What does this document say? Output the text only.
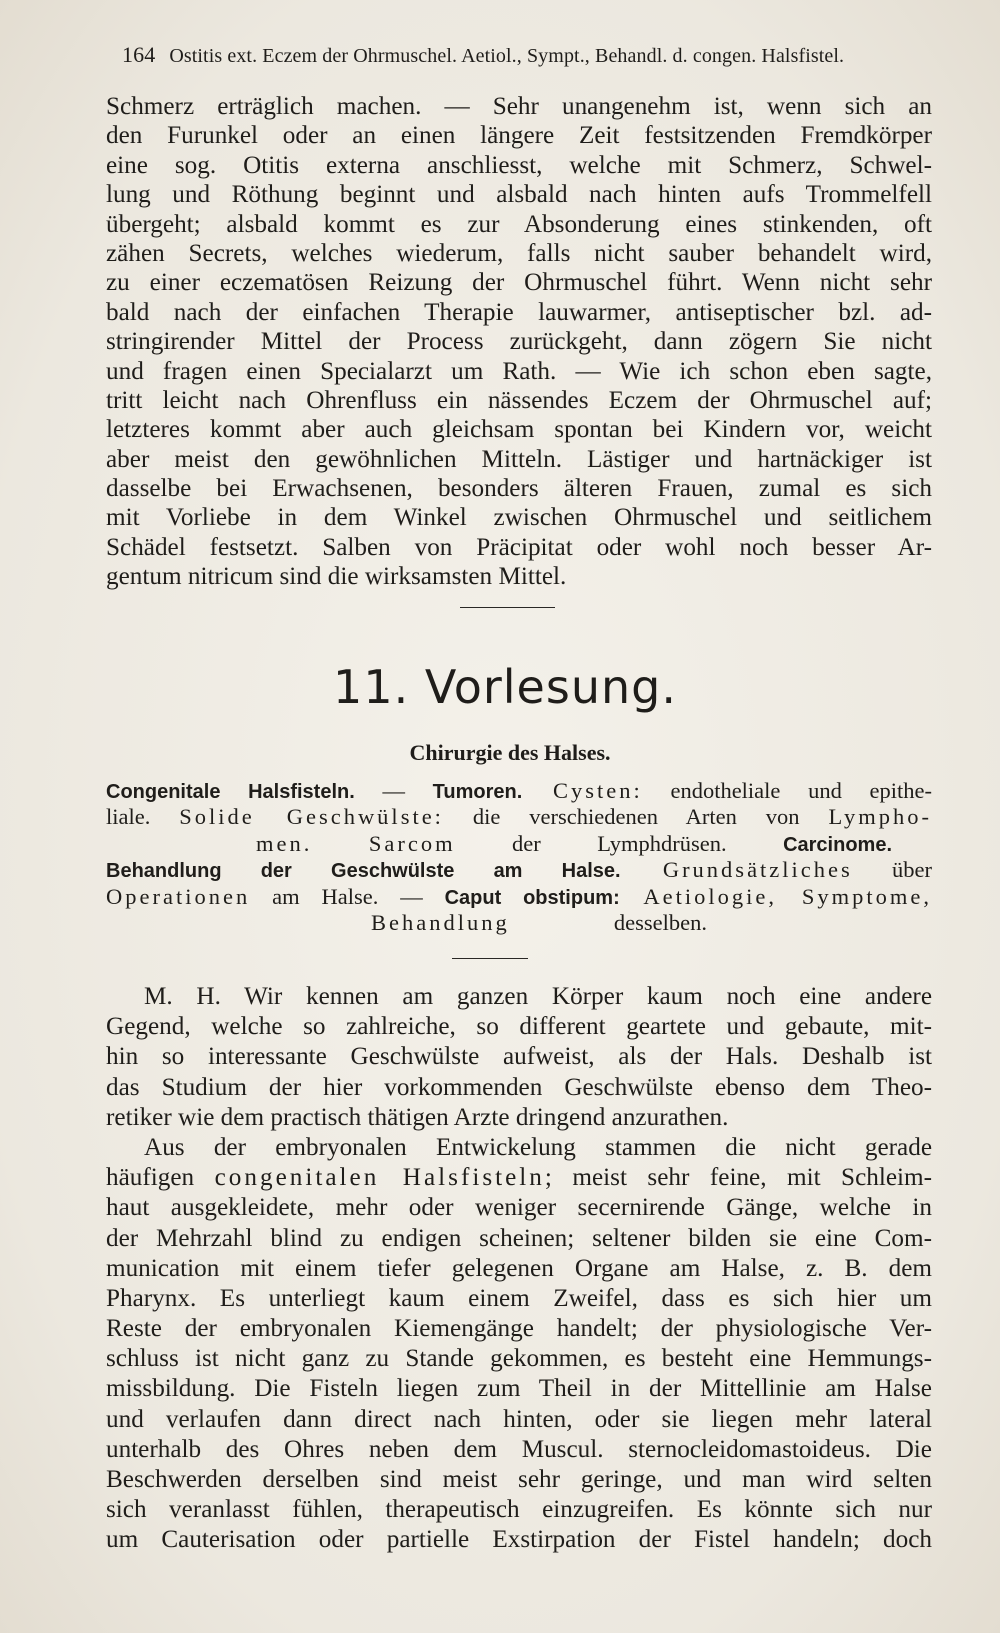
164 Ostitis ext. Eczem der Ohrmuschel. Aetiol., Sympt., Behandl. d. congen. Halsfistel.
Schmerz erträglich machen. — Sehr unangenehm ist, wenn sich an
den Furunkel oder an einen längere Zeit festsitzenden Fremdkörper
eine sog. Otitis externa anschliesst, welche mit Schmerz, Schwel-
lung und Röthung beginnt und alsbald nach hinten aufs Trommelfell
übergeht; alsbald kommt es zur Absonderung eines stinkenden, oft
zähen Secrets, welches wiederum, falls nicht sauber behandelt wird,
zu einer eczematösen Reizung der Ohrmuschel führt. Wenn nicht sehr
bald nach der einfachen Therapie lauwarmer, antiseptischer bzl. ad-
stringirender Mittel der Process zurückgeht, dann zögern Sie nicht
und fragen einen Specialarzt um Rath. — Wie ich schon eben sagte,
tritt leicht nach Ohrenfluss ein nässendes Eczem der Ohrmuschel auf;
letzteres kommt aber auch gleichsam spontan bei Kindern vor, weicht
aber meist den gewöhnlichen Mitteln. Lästiger und hartnäckiger ist
dasselbe bei Erwachsenen, besonders älteren Frauen, zumal es sich
mit Vorliebe in dem Winkel zwischen Ohrmuschel und seitlichem
Schädel festsetzt. Salben von Präcipitat oder wohl noch besser Ar-
gentum nitricum sind die wirksamsten Mittel.
11. Vorlesung.
Chirurgie des Halses.
Congenitale Halsfisteln. — Tumoren. Cysten: endotheliale und epithe-
liale. Solide Geschwülste: die verschiedenen Arten von Lympho-
men.	Sarcom der Lymphdrüsen. Carcinome.
Behandlung der Geschwülste am Halse. Grundsätzliches über
Operationen am Halse. — Caput obstipum: Aetiologie, Symptome,
Behandlung desselben.
M. H. Wir kennen am ganzen Körper kaum noch eine andere
Gegend, welche so zahlreiche, so different geartete und gebaute, mit-
hin so interessante Geschwülste aufweist, als der Hals. Deshalb ist
das Studium der hier vorkommenden Geschwülste ebenso dem Theo-
retiker wie dem practisch thätigen Arzte dringend anzurathen.
Aus der embryonalen Entwickelung stammen die nicht gerade
häufigen congenitalen Halsfisteln; meist sehr feine, mit Schleim-
haut ausgekleidete, mehr oder weniger secernirende Gänge, welche in
der Mehrzahl blind zu endigen scheinen; seltener bilden sie eine Com-
munication mit einem tiefer gelegenen Organe am Halse, z. B. dem
Pharynx. Es unterliegt kaum einem Zweifel, dass es sich hier um
Reste der embryonalen Kiemengänge handelt; der physiologische Ver-
schluss ist nicht ganz zu Stande gekommen, es besteht eine Hemmungs-
missbildung. Die Fisteln liegen zum Theil in der Mittellinie am Halse
und verlaufen dann direct nach hinten, oder sie liegen mehr lateral
unterhalb des Ohres neben dem Muscul. sternocleidomastoideus. Die
Beschwerden derselben sind meist sehr geringe, und man wird selten
sich veranlasst fühlen, therapeutisch einzugreifen. Es könnte sich nur
um Cauterisation oder partielle Exstirpation der Fistel handeln; doch
